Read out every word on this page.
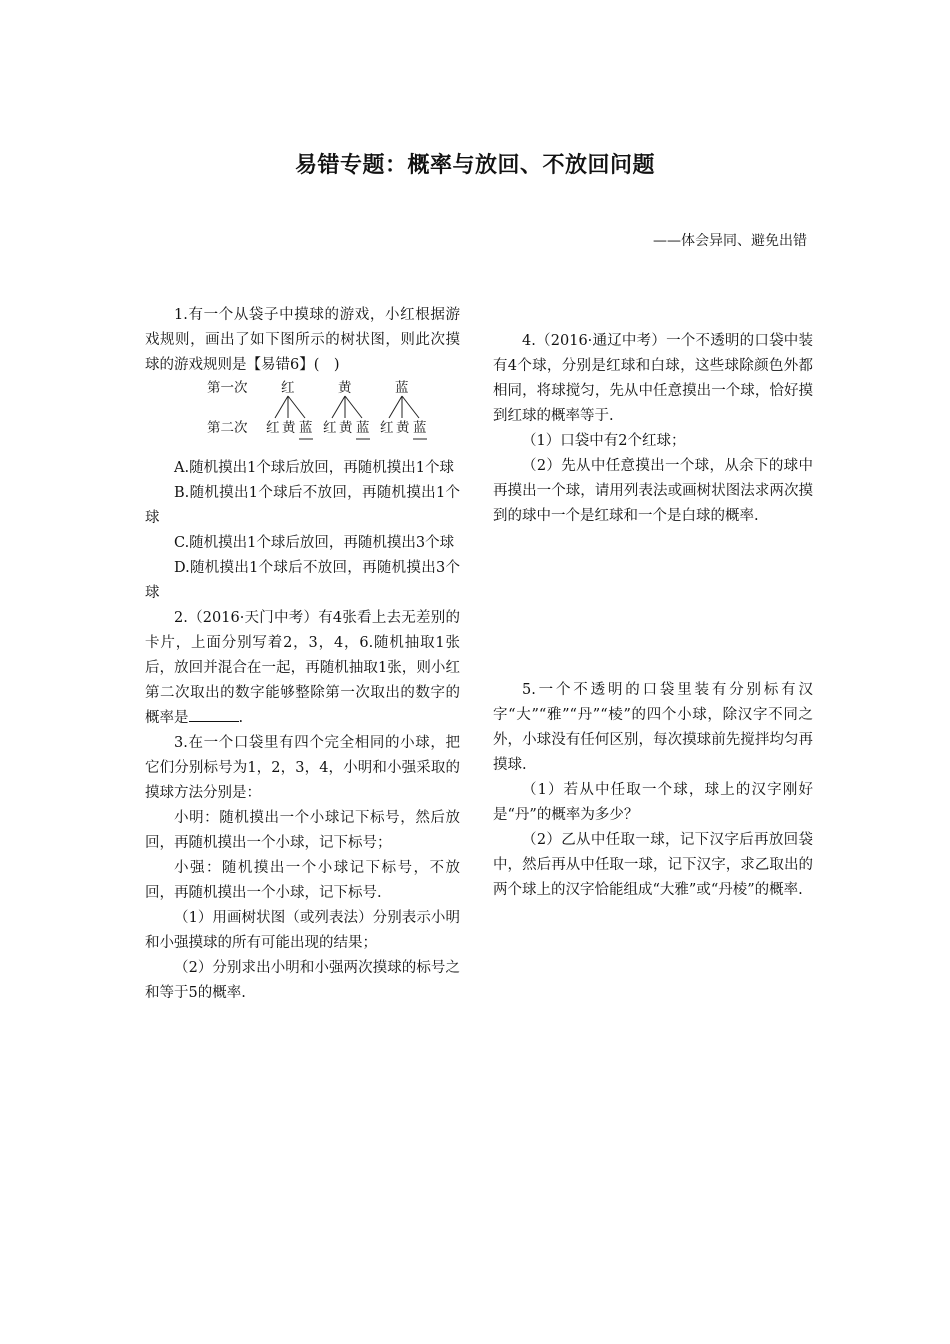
易错专题：概率与放回、不放回问题
——体会异同、避免出错

1.有一个从袋子中摸球的游戏，小红根据游戏规则，画出了如下图所示的树状图，则此次摸球的游戏规则是【易错6】(　)

第一次 红	黄	蓝
第二次 红 黄 蓝 红 黄 蓝 红 黄 蓝

A.随机摸出1个球后放回，再随机摸出1个球

B.随机摸出1个球后不放回，再随机摸出1个球

C.随机摸出1个球后放回，再随机摸出3个球

D.随机摸出1个球后不放回，再随机摸出3个球

2.（2016·天门中考）有4张看上去无差别的卡片，上面分别写着2，3，4，6.随机抽取1张后，放回并混合在一起，再随机抽取1张，则小红第二次取出的数字能够整除第一次取出的数字的概率是	.

3.在一个口袋里有四个完全相同的小球，把它们分别标号为1，2，3，4，小明和小强采取的摸球方法分别是：

小明：随机摸出一个小球记下标号，然后放回，再随机摸出一个小球，记下标号；

小强：随机摸出一个小球记下标号，不放回，再随机摸出一个小球，记下标号.

（1）用画树状图（或列表法）分别表示小明和小强摸球的所有可能出现的结果；

（2）分别求出小明和小强两次摸球的标号之和等于5的概率.

4.（2016·通辽中考）一个不透明的口袋中装有4个球，分别是红球和白球，这些球除颜色外都相同，将球搅匀，先从中任意摸出一个球，恰好摸到红球的概率等于.

（1）口袋中有2个红球；

（2）先从中任意摸出一个球，从余下的球中再摸出一个球，请用列表法或画树状图法求两次摸到的球中一个是红球和一个是白球的概率.

5.一个不透明的口袋里装有分别标有汉字“大”“雅”“丹”“棱”的四个小球，除汉字不同之外，小球没有任何区别，每次摸球前先搅拌均匀再摸球.

（1）若从中任取一个球，球上的汉字刚好是“丹”的概率为多少？

（2）乙从中任取一球，记下汉字后再放回袋中，然后再从中任取一球，记下汉字，求乙取出的两个球上的汉字恰能组成“大雅”或“丹棱”的概率.
